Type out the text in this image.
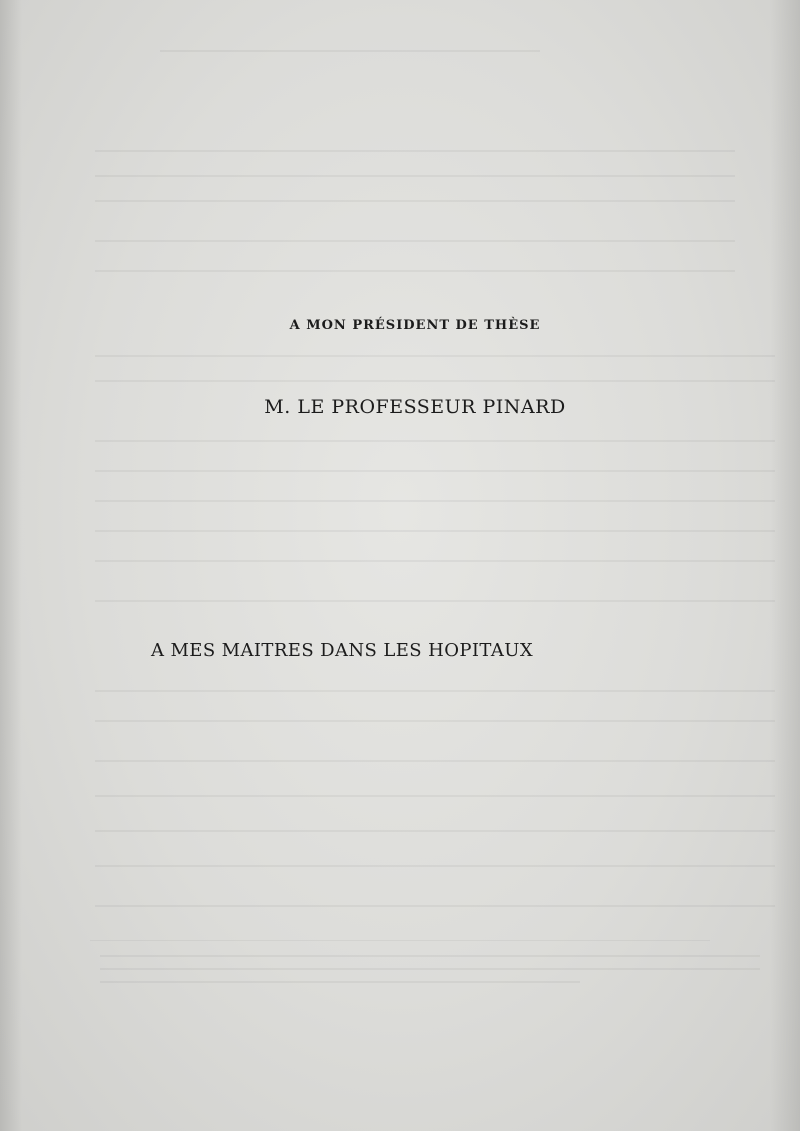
A MON PRÉSIDENT DE THÈSE
M. LE PROFESSEUR PINARD
A MES MAITRES DANS LES HOPITAUX
